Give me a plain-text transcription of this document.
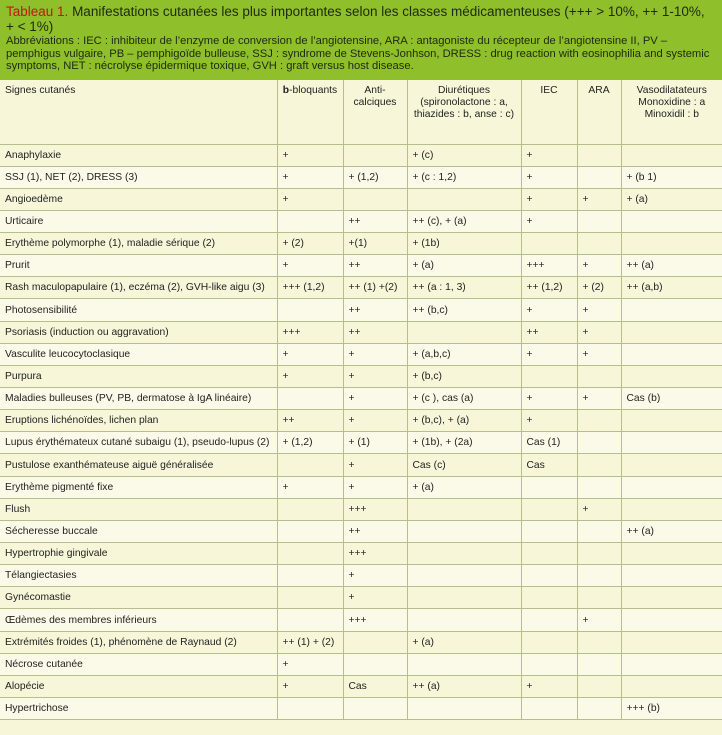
Tableau 1. Manifestations cutanées les plus importantes selon les classes médicamenteuses (+++ > 10%, ++ 1-10%, + < 1%)
Abbréviations : IEC : inhibiteur de l’enzyme de conversion de l’angiotensine, ARA : antagoniste du récepteur de l’angiotensine II, PV – pemphigus vulgaire, PB – pemphigoïde bulleuse, SSJ : syndrome de Stevens-Jonhson, DRESS : drug reaction with eosinophilia and systemic symptoms, NET : nécrolyse épidermique toxique, GVH : graft versus host disease.
Signes cutanés	b-bloquants	Anti-calciques	Diurétiques (spironolactone : a, thiazides : b, anse : c)	IEC	ARA	Vasodilatateurs Monoxidine : a Minoxidil : b
Anaphylaxie	+		+ (c)	+		
SSJ (1), NET (2), DRESS (3)	+	+ (1,2)	+ (c : 1,2)	+		+ (b 1)
Angioedème	+			+	+	+ (a)
Urticaire		++	++ (c), + (a)	+		
Erythème polymorphe (1), maladie sérique (2)	+ (2)	+(1)	+ (1b)			
Prurit	+	++	+ (a)	+++	+	++ (a)
Rash maculopapulaire (1), eczéma (2), GVH-like aigu (3)	+++ (1,2)	++ (1) +(2)	++ (a : 1, 3)	++ (1,2)	+ (2)	++ (a,b)
Photosensibilité		++	++ (b,c)	+	+	
Psoriasis (induction ou aggravation)	+++	++		++	+	
Vasculite leucocytoclasique	+	+	+ (a,b,c)	+	+	
Purpura	+	+	+ (b,c)			
Maladies bulleuses (PV, PB, dermatose à IgA linéaire)		+	+ (c ), cas (a)	+	+	Cas (b)
Eruptions lichénoïdes, lichen plan	++	+	+ (b,c), + (a)	+		
Lupus érythémateux cutané subaigu (1), pseudo-lupus (2)	+ (1,2)	+ (1)	+ (1b), + (2a)	Cas (1)		
Pustulose exanthémateuse aiguë généralisée		+	Cas (c)	Cas		
Erythème pigmenté fixe	+	+	+ (a)			
Flush		+++			+	
Sécheresse buccale		++				++ (a)
Hypertrophie gingivale		+++				
Télangiectasies		+				
Gynécomastie		+				
Œdèmes des membres inférieurs		+++			+	
Extrémités froides (1), phénomène de Raynaud (2)	++ (1) + (2)		+ (a)			
Nécrose cutanée	+					
Alopécie	+	Cas	++ (a)	+		
Hypertrichose						+++ (b)
